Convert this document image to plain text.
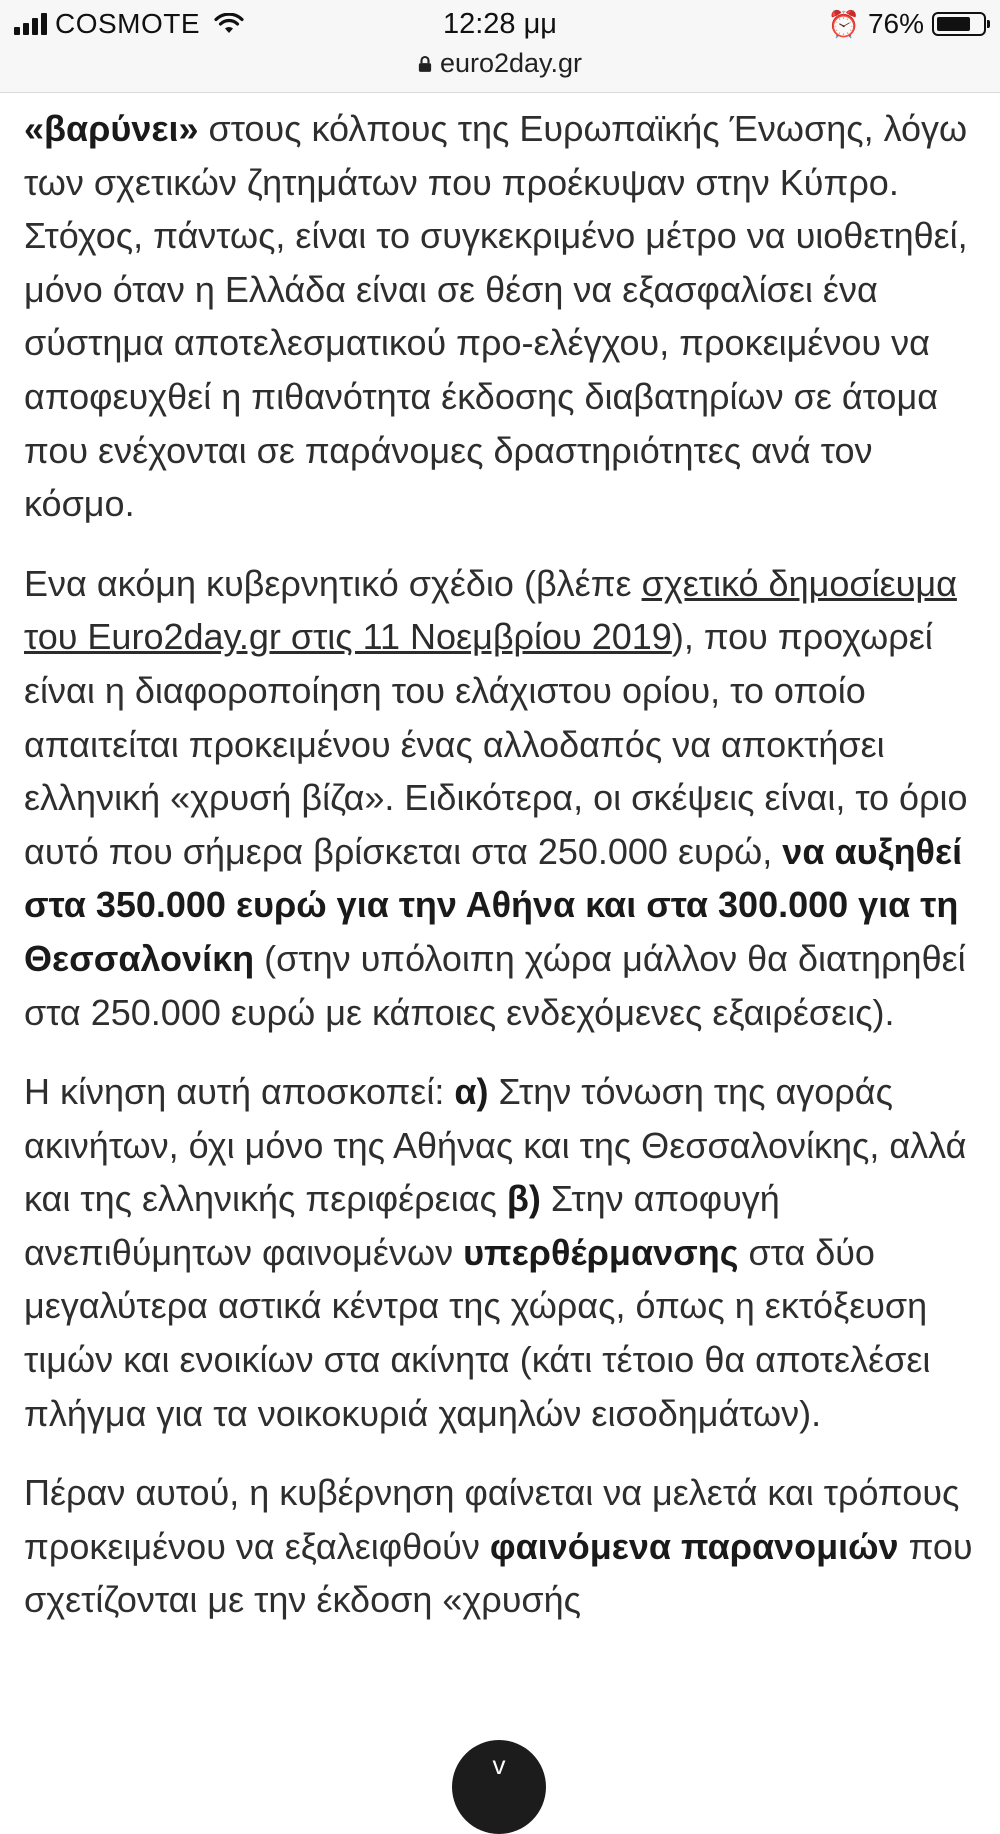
COSMOTE	12:28 μμ	⏰ 76%
euro2day.gr

«βαρύνει» στους κόλπους της Ευρωπαϊκής Ένωσης, λόγω των σχετικών ζητημάτων που προέκυψαν στην Κύπρο. Στόχος, πάντως, είναι το συγκεκριμένο μέτρο να υιοθετηθεί, μόνο όταν η Ελλάδα είναι σε θέση να εξασφαλίσει ένα σύστημα αποτελεσματικού προ-ελέγχου, προκειμένου να αποφευχθεί η πιθανότητα έκδοσης διαβατηρίων σε άτομα που ενέχονται σε παράνομες δραστηριότητες ανά τον κόσμο.

Ενα ακόμη κυβερνητικό σχέδιο (βλέπε σχετικό δημοσίευμα του Euro2day.gr στις 11 Νοεμβρίου 2019), που προχωρεί είναι η διαφοροποίηση του ελάχιστου ορίου, το οποίο απαιτείται προκειμένου ένας αλλοδαπός να αποκτήσει ελληνική «χρυσή βίζα». Ειδικότερα, οι σκέψεις είναι, το όριο αυτό που σήμερα βρίσκεται στα 250.000 ευρώ, να αυξηθεί στα 350.000 ευρώ για την Αθήνα και στα 300.000 για τη Θεσσαλονίκη (στην υπόλοιπη χώρα μάλλον θα διατηρηθεί στα 250.000 ευρώ με κάποιες ενδεχόμενες εξαιρέσεις).

Η κίνηση αυτή αποσκοπεί: α) Στην τόνωση της αγοράς ακινήτων, όχι μόνο της Αθήνας και της Θεσσαλονίκης, αλλά και της ελληνικής περιφέρειας β) Στην αποφυγή ανεπιθύμητων φαινομένων υπερθέρμανσης στα δύο μεγαλύτερα αστικά κέντρα της χώρας, όπως η εκτόξευση τιμών και ενοικίων στα ακίνητα (κάτι τέτοιο θα αποτελέσει πλήγμα για τα νοικοκυριά χαμηλών εισοδημάτων).

Πέραν αυτού, η κυβέρνηση φαίνεται να μελετά και τρόπους προκειμένου να εξαλειφθούν φαινόμενα παρανομιών που σχετίζονται με την έκδοση «χρυσής

v
